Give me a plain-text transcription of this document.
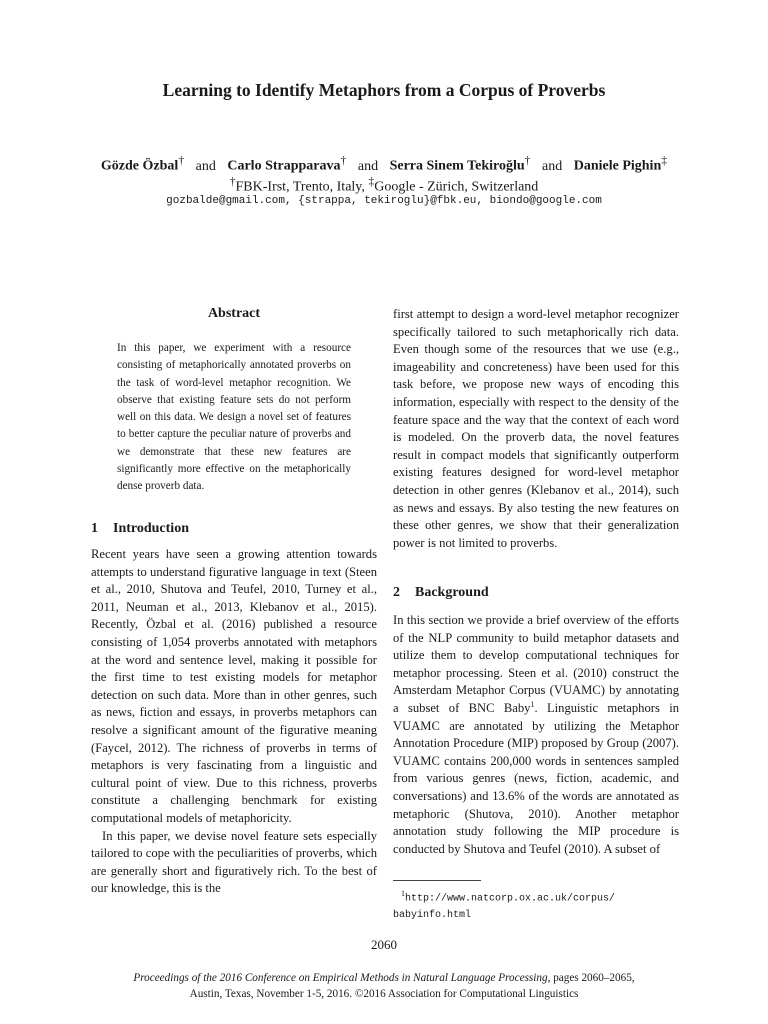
Learning to Identify Metaphors from a Corpus of Proverbs
Gözde Özbal† and Carlo Strapparava† and Serra Sinem Tekiroğlu† and Daniele Pighin‡
†FBK-Irst, Trento, Italy, ‡Google - Zürich, Switzerland
gozbalde@gmail.com, {strappa, tekiroglu}@fbk.eu, biondo@google.com
Abstract
In this paper, we experiment with a resource consisting of metaphorically annotated proverbs on the task of word-level metaphor recognition. We observe that existing feature sets do not perform well on this data. We design a novel set of features to better capture the peculiar nature of proverbs and we demonstrate that these new features are significantly more effective on the metaphorically dense proverb data.
1 Introduction

Recent years have seen a growing attention towards attempts to understand figurative language in text (Steen et al., 2010, Shutova and Teufel, 2010, Turney et al., 2011, Neuman et al., 2013, Klebanov et al., 2015). Recently, Özbal et al. (2016) published a resource consisting of 1,054 proverbs annotated with metaphors at the word and sentence level, making it possible for the first time to test existing models for metaphor detection on such data. More than in other genres, such as news, fiction and essays, in proverbs metaphors can resolve a significant amount of the figurative meaning (Faycel, 2012). The richness of proverbs in terms of metaphors is very fascinating from a linguistic and cultural point of view. Due to this richness, proverbs constitute a challenging benchmark for existing computational models of metaphoricity.

In this paper, we devise novel feature sets especially tailored to cope with the peculiarities of proverbs, which are generally short and figuratively rich. To the best of our knowledge, this is the

first attempt to design a word-level metaphor recognizer specifically tailored to such metaphorically rich data. Even though some of the resources that we use (e.g., imageability and concreteness) have been used for this task before, we propose new ways of encoding this information, especially with respect to the density of the feature space and the way that the context of each word is modeled. On the proverb data, the novel features result in compact models that significantly outperform existing features designed for word-level metaphor detection in other genres (Klebanov et al., 2014), such as news and essays. By also testing the new features on these other genres, we show that their generalization power is not limited to proverbs.

2 Background

In this section we provide a brief overview of the efforts of the NLP community to build metaphor datasets and utilize them to develop computational techniques for metaphor processing. Steen et al. (2010) construct the Amsterdam Metaphor Corpus (VUAMC) by annotating a subset of BNC Baby$^1$. Linguistic metaphors in VUAMC are annotated by utilizing the Metaphor Annotation Procedure (MIP) proposed by Group (2007). VUAMC contains 200,000 words in sentences sampled from various genres (news, fiction, academic, and conversations) and 13.6% of the words are annotated as metaphoric (Shutova, 2010). Another metaphor annotation study following the MIP procedure is conducted by Shutova and Teufel (2010). A subset of

$^1$http://www.natcorp.ox.ac.uk/corpus/
babyinfo.html
2060
Proceedings of the 2016 Conference on Empirical Methods in Natural Language Processing, pages 2060–2065,
Austin, Texas, November 1-5, 2016. ©2016 Association for Computational Linguistics
